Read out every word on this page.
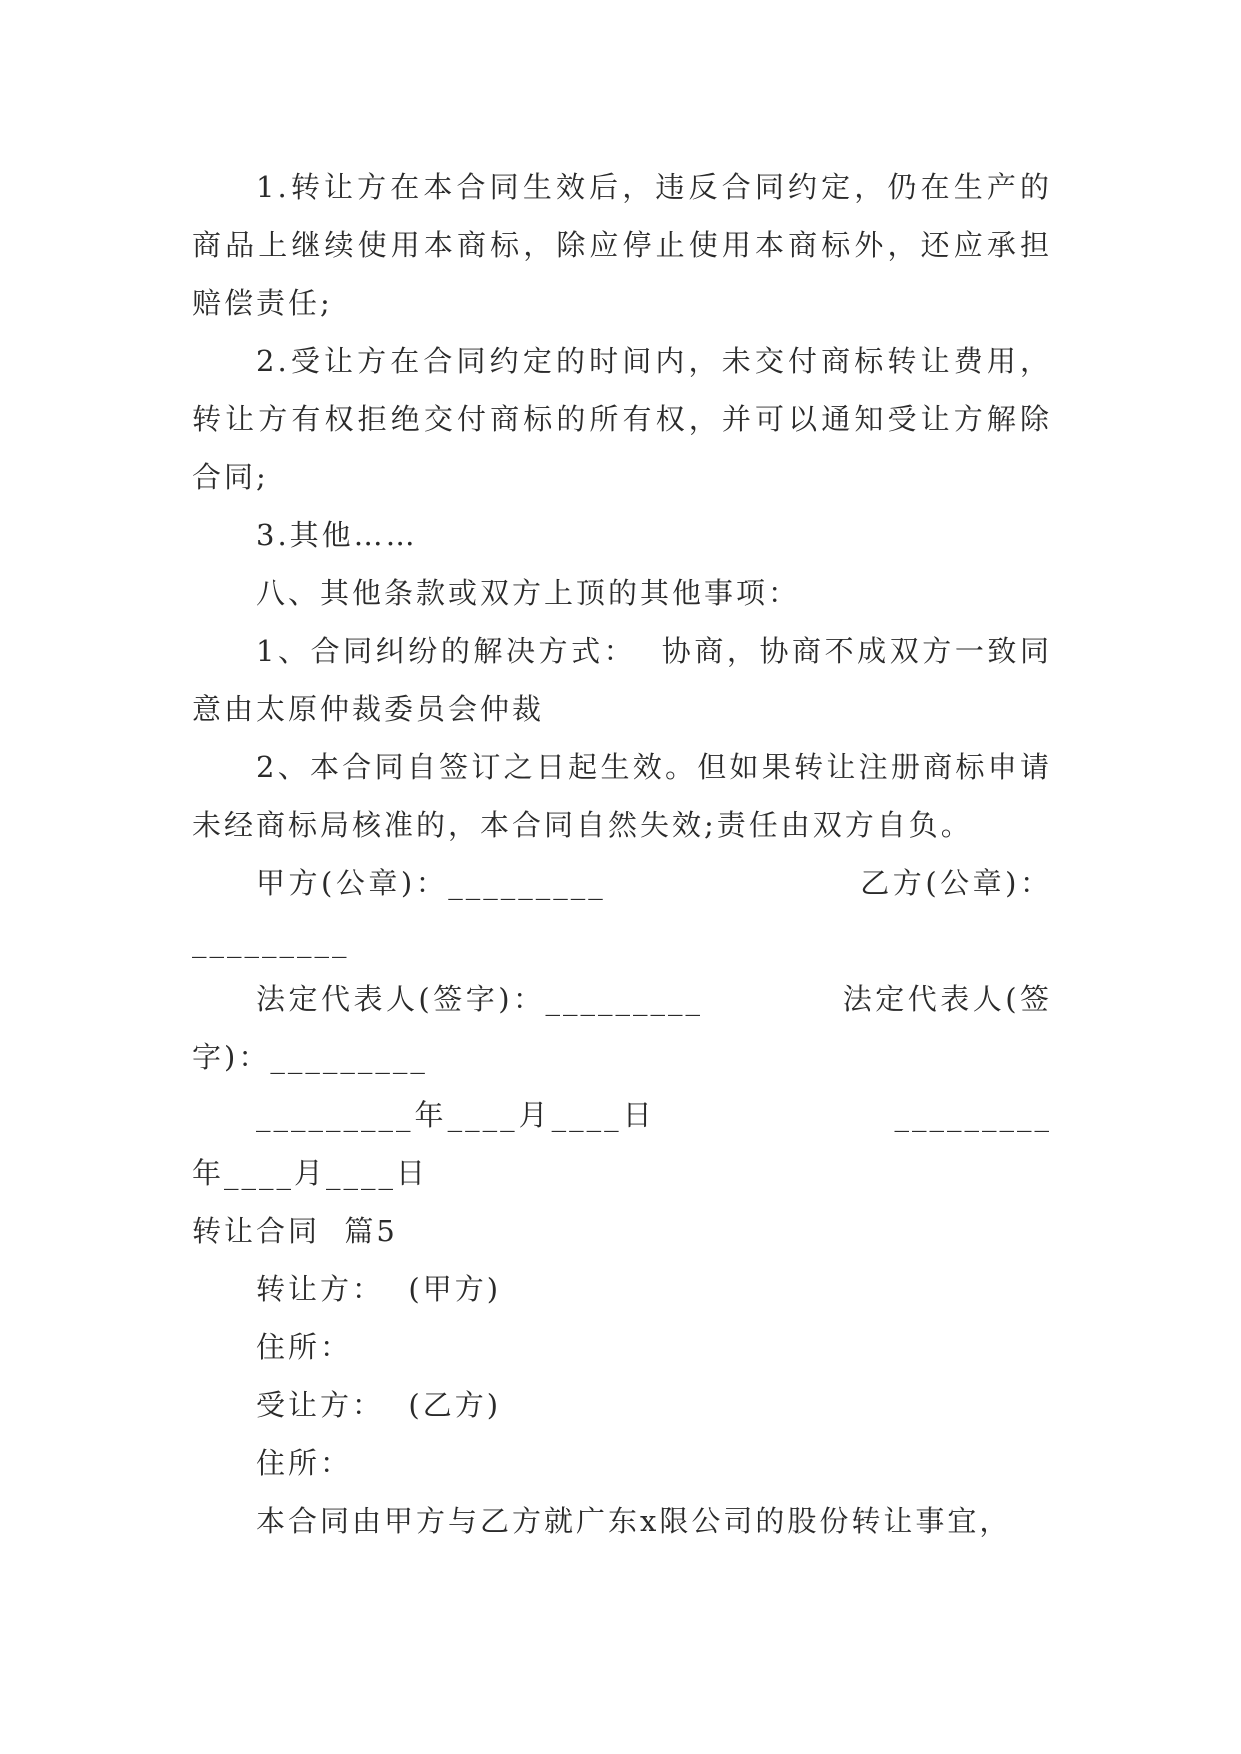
1.转让方在本合同生效后，违反合同约定，仍在生产的商品上继续使用本商标，除应停止使用本商标外，还应承担赔偿责任;

2.受让方在合同约定的时间内，未交付商标转让费用，转让方有权拒绝交付商标的所有权，并可以通知受让方解除合同;

3.其他……

八、其他条款或双方上顶的其他事项：

1、合同纠纷的解决方式：  协商，协商不成双方一致同意由太原仲裁委员会仲裁

2、本合同自签订之日起生效。但如果转让注册商标申请未经商标局核准的，本合同自然失效;责任由双方自负。

甲方(公章)：_________                    乙方(公章)：_________

法定代表人(签字)：_________           法定代表人(签字)：_________

_________年____月____日                  _________年____月____日

转让合同  篇5

转让方：  (甲方)

住所：

受让方：  (乙方)

住所：

本合同由甲方与乙方就广东x限公司的股份转让事宜，
